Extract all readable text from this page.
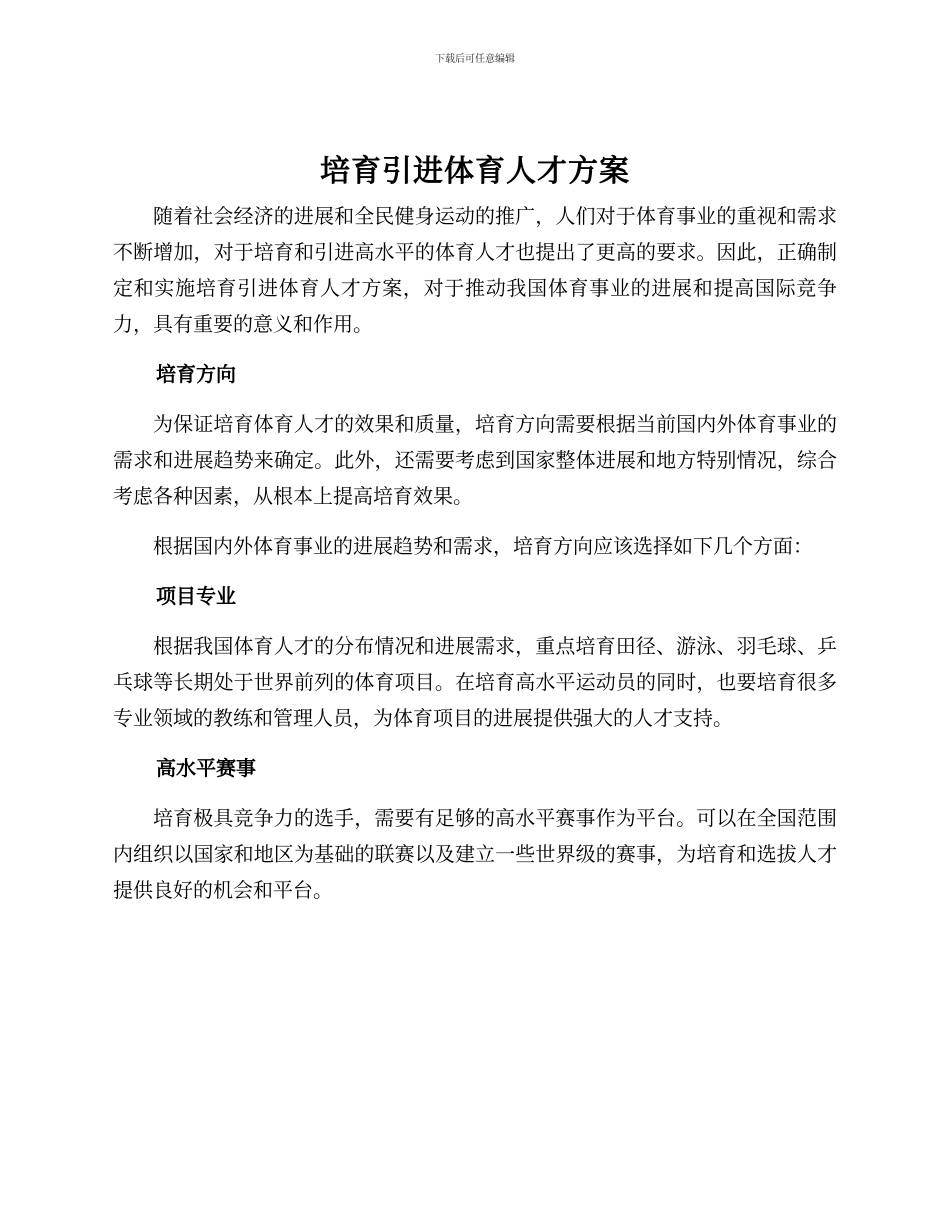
下载后可任意编辑
培育引进体育人才方案

随着社会经济的进展和全民健身运动的推广，人们对于体育事业的重视和需求不断增加，对于培育和引进高水平的体育人才也提出了更高的要求。因此，正确制定和实施培育引进体育人才方案，对于推动我国体育事业的进展和提高国际竞争力，具有重要的意义和作用。

培育方向

为保证培育体育人才的效果和质量，培育方向需要根据当前国内外体育事业的需求和进展趋势来确定。此外，还需要考虑到国家整体进展和地方特别情况，综合考虑各种因素，从根本上提高培育效果。

根据国内外体育事业的进展趋势和需求，培育方向应该选择如下几个方面：

项目专业

根据我国体育人才的分布情况和进展需求，重点培育田径、游泳、羽毛球、乒乓球等长期处于世界前列的体育项目。在培育高水平运动员的同时，也要培育很多专业领域的教练和管理人员，为体育项目的进展提供强大的人才支持。

高水平赛事

培育极具竞争力的选手，需要有足够的高水平赛事作为平台。可以在全国范围内组织以国家和地区为基础的联赛以及建立一些世界级的赛事，为培育和选拔人才提供良好的机会和平台。
